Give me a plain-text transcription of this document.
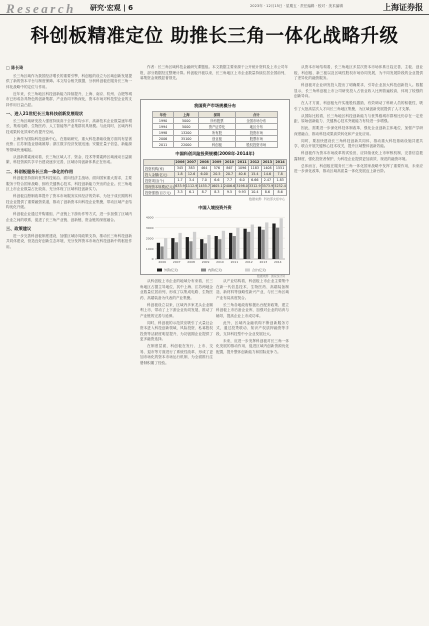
Research 研究·宏观 | 6	2023年 · 12月15日 · 星期五 · 责任编辑 · 校对 · 美术编辑	上海证券报
科创板精准定位 助推长三角一体化战略升级
□ 陈长琦

长三角区域作为我国经济增长的重要引擎，科创板的设立为区域创新发展提供了新的资本平台与制度保障。本文结合相关数据，分析科创板在服务长三角一体化战略中的定位与作用。

近年来，长三角地区科技创新能力持续提升，上海、南京、杭州、合肥等城市已形成各具特色的创新集群，产业协同不断深化，资本市场对科技型企业的支持作用日益凸显。

一、进入21世纪长三角科技创新发展现状

长三角区域研发投入强度持续高于全国平均水平，高新技术企业数量逐年增长，集成电路、生物医药、人工智能等产业集群初具规模。与此同时，区域内科技成果转化效率仍有提升空间。

上海作为国际科技创新中心，在基础研究、重大科技基础设施方面具有显著优势；江苏制造业基础雄厚；浙江数字经济发展迅速；安徽在量子信息、新能源等领域快速崛起。

从创新要素流动看，长三角区域人才、资金、技术等要素跨区域流动日益频繁，科技资源共享平台建设逐步完善，区域协同创新体系正在形成。

二、科创板服务长三角一体化的作用

科创板坚持面向世界科技前沿、面向经济主战场、面向国家重大需求，主要服务于符合国家战略、拥有关键核心技术、科技创新能力突出的企业。长三角地区上市企业数量占比较高，充分体现了区域科技创新实力。

科创板注册制改革提升了资本市场服务实体经济的效率，为处于成长期的科技企业提供了重要融资渠道，推动了创新资本向科技企业集聚，带动区域产业结构优化升级。

科创板企业通过并购重组、产业链上下游协作等方式，进一步加强了区域内企业之间的联系，促进了长三角产业链、创新链、资金链的深度融合。

三、政策建议

进一步完善科创板制度建设，加强区域协同政策支持，推动长三角科技创新共同体建设，营造良好创新生态环境，充分发挥资本市场在科技创新中的枢纽作用。

作者：长三角区域科技金融研究课题组。本文数据主要来源于公开统计资料及上市公司年报，部分数据经过整理计算。科创板开板以来，长三角地区上市企业数量持续位居全国前列，募集资金规模显著领先。

我国资产市场规模分布
年份	上海	深圳	合计
1990	5000	所有股票	全国市场分布
1994	5000	资产证券化	地区分布
1998	13200	所有股	投资市场
2006	35100	创业板	股票市场
2011	22000	科创板	股权投资市场
中国科创风险投资规模(2008年-2014年)
	2006	2007	2008	2009	2010	2011	2012	2013	2014
投资机构(家)	345	383	464	576	867	1096	1183	1408	1551
投入金额(亿元)	1.8	12.6	6.00	20.5	20.7	40.6	15.4	14.6	7.8
投资项目(个)	1.7	3.4	7.0	6.6	7.7	6.0	6.66	2.47	1.83
管理资本规模(亿元)	633.9	1112.9	1455.7	1605.1	2406.6	3198.0	3312.9	3573.9	5232.4
投资强度(百万元)	3.3	6.1	8.7	8.3	9.5	9.93	10.4	8.6	8.6
数据来源：科技部火炬中心
中国入境投资外资
0
1000
2000
3000
4000
2006 2007 2008 2009 2010 2011 2012 2013 2014
外资(亿元)	内资(亿元)	合计(亿元)
数据来源：国家统计局

从科创板上市企业的地域分布来看，长三角地区占据主导地位，其中上海、江苏两地企业数量位居前列，形成了以集成电路、生物医药、高端装备为代表的产业集聚。

科创板设立以来，区域内多家龙头企业顺利上市，带动了上下游企业协同发展，推动了产业链的完善与延伸。

同时，科创板的示范效应吸引了大量社会资本进入科技创新领域，风险投资、私募股权投资等活跃度明显提升，为初创期企业提供了更多融资选择。

在制度层面，科创板在发行、上市、交易、退市等方面进行了系统性改革，形成了更加市场化的资本市场运行机制，为全面推行注册制积累了经验。

从产业结构看，科创板上市企业主要集中在新一代信息技术、生物医药、高端装备制造、新材料等战略性新兴产业，与长三角区域产业布局高度契合。

长三角各地政府积极出台配套政策，建立科创板上市后备企业库，加强对企业的培育与辅导，提高企业上市成功率。

此外，区域内金融机构不断创新服务方式，通过投贷联动、知识产权质押融资等手段，支持科技型中小企业发展壮大。

未来，应进一步发挥科创板对长三角一体化发展的推动作用，促进区域内创新资源优化配置，提升整体创新能力和国际竞争力。

从资本市场结构看，长三角地区多层次资本市场体系日趋完善，主板、创业板、科创板、新三板以及区域性股权市场协同发展，为不同发展阶段的企业提供了差异化的融资服务。

科创板对企业研发投入提出了明确要求，引导企业加大科技创新投入。数据显示，长三角科创板上市公司研发投入占营业收入比例普遍较高，体现了较强的创新导向。

在人才方面，科创板允许实施股权激励，有效调动了科研人员的积极性，吸引了大批高层次人才向长三角地区集聚，为区域创新发展提供了人才支撑。

从国际比较看，长三角地区科技创新能力与世界级城市群相比仍存在一定差距，原始创新能力、关键核心技术突破能力有待进一步增强。

因此，需要进一步深化科技体制改革，强化企业创新主体地位，加强产学研深度融合，推动科技成果高效转化和产业化应用。

同时，要加快建设长三角科技创新共同体，推动重大科技基础设施共建共享，联合开展关键核心技术攻关，提升区域整体创新效能。

科创板作为资本市场改革的试验田，应持续优化上市审核机制，完善信息披露制度，强化投资者保护，为科技企业提供更加高效、规范的融资环境。

总体而言，科创板在服务长三角一体化国家战略中发挥了重要作用，未来应进一步深化改革，推动区域高质量一体化发展迈上新台阶。
